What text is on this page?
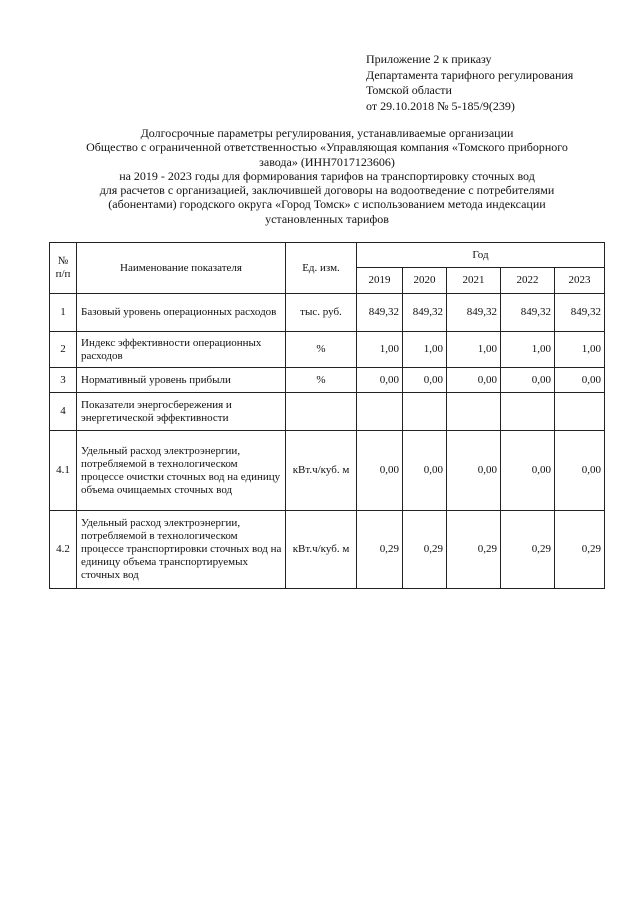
Приложение 2 к приказу
Департамента тарифного регулирования
Томской области
от 29.10.2018 № 5-185/9(239)
Долгосрочные параметры регулирования, устанавливаемые организации
Общество с ограниченной ответственностью «Управляющая компания «Томского приборного
завода» (ИНН7017123606)
на 2019 - 2023 годы для формирования тарифов на транспортировку сточных вод
для расчетов с организацией, заключившей договоры на водоотведение с потребителями
(абонентами) городского округа «Город Томск» с использованием метода индексации
установленных тарифов
№ п/п	Наименование показателя	Ед. изм.	Год				
			2019	2020	2021	2022	2023
1	Базовый уровень операционных расходов	тыс. руб.	849,32	849,32	849,32	849,32	849,32
2	Индекс эффективности операционных расходов	%	1,00	1,00	1,00	1,00	1,00
3	Нормативный уровень прибыли	%	0,00	0,00	0,00	0,00	0,00
4	Показатели энергосбережения и энергетической эффективности						
4.1	Удельный расход электроэнергии, потребляемой в технологическом процессе очистки сточных вод на единицу объема очищаемых сточных вод	кВт.ч/куб. м	0,00	0,00	0,00	0,00	0,00
4.2	Удельный расход электроэнергии, потребляемой в технологическом процессе транспортировки сточных вод на единицу объема транспортируемых сточных вод	кВт.ч/куб. м	0,29	0,29	0,29	0,29	0,29
